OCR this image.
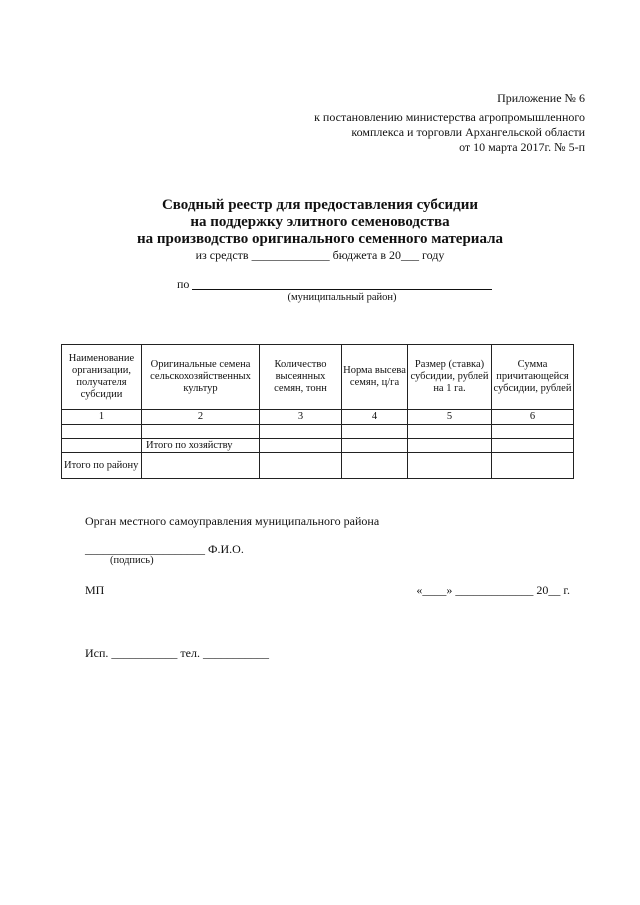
Приложение № 6
к постановлению министерства агропромышленного
комплекса и торговли Архангельской области
от 10 марта 2017г. № 5-п
Сводный реестр для предоставления субсидии
на поддержку элитного семеноводства
на производство оригинального семенного материала
из средств _____________ бюджета в 20___ году
по
(муниципальный район)
Наименование организации, получателя субсидии	Оригинальные семена сельскохозяйственных культур	Количество высеянных семян, тонн	Норма высева семян, ц/га	Размер (ставка) субсидии, рублей на 1 га.	Сумма причитающейся субсидии, рублей
1	2	3	4	5	6

	Итого по хозяйству				
Итого по району					
Орган местного самоуправления муниципального района
____________________ Ф.И.О.
(подпись)
МП	«____» _____________ 20__ г.
Исп. ___________ тел. ___________
